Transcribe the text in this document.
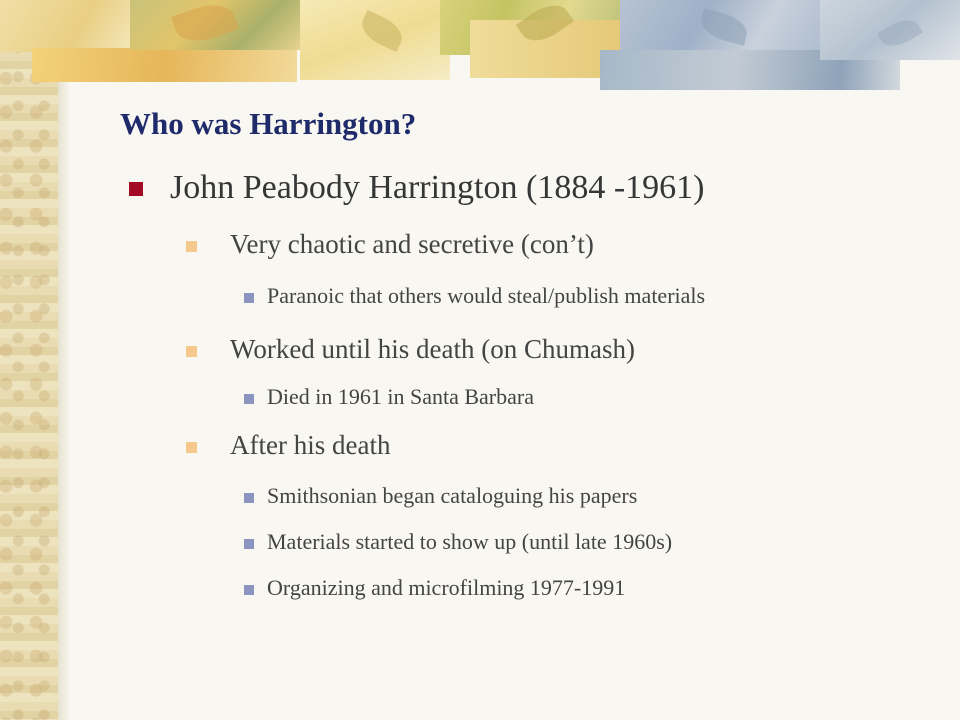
Who was Harrington?
John Peabody Harrington (1884 -1961)
Very chaotic and secretive (con’t)
Paranoic that others would steal/publish materials
Worked until his death (on Chumash)
Died in 1961 in Santa Barbara
After his death
Smithsonian began cataloguing his papers
Materials started to show up (until late 1960s)
Organizing and microfilming 1977-1991
